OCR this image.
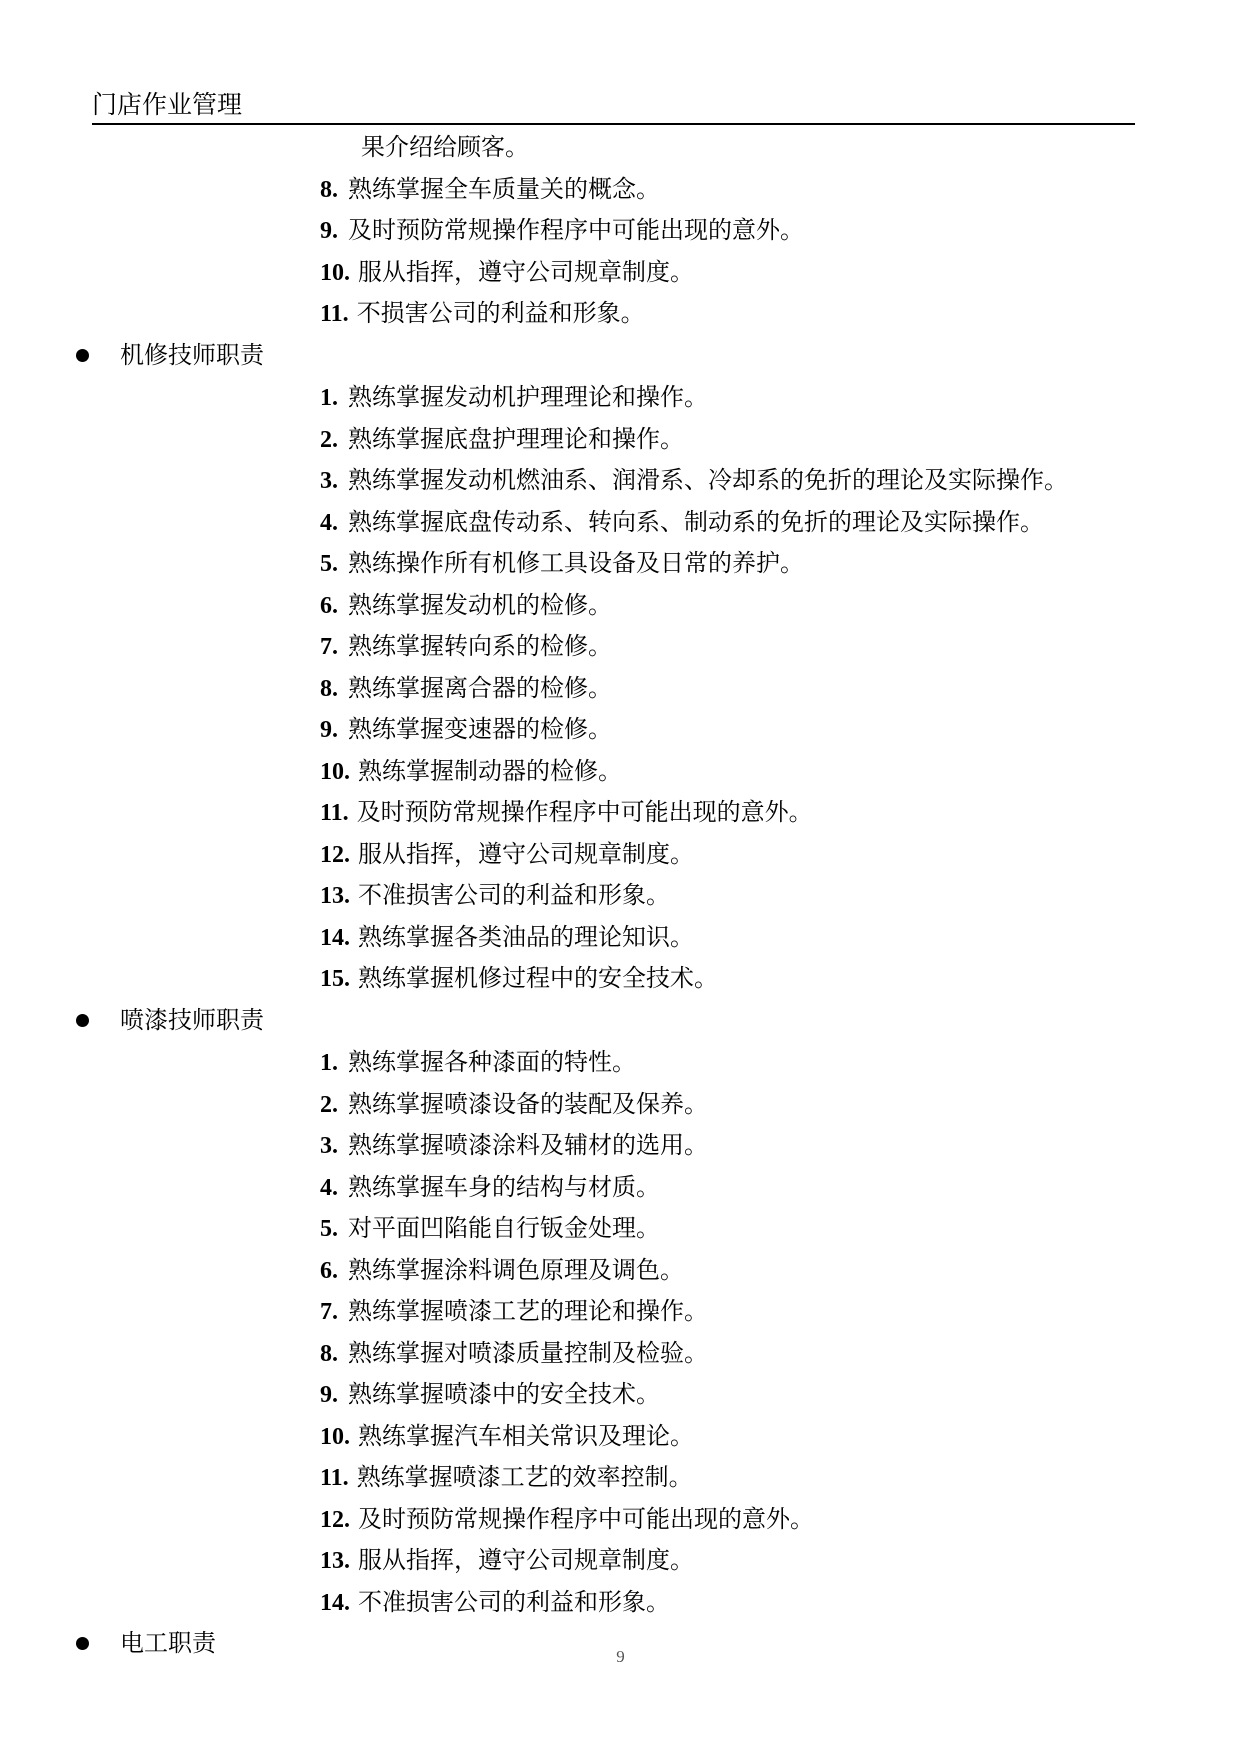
门店作业管理
果介绍给顾客。
8. 熟练掌握全车质量关的概念。
9. 及时预防常规操作程序中可能出现的意外。
10. 服从指挥，遵守公司规章制度。
11. 不损害公司的利益和形象。
机修技师职责
1. 熟练掌握发动机护理理论和操作。
2. 熟练掌握底盘护理理论和操作。
3. 熟练掌握发动机燃油系、润滑系、冷却系的免折的理论及实际操作。
4. 熟练掌握底盘传动系、转向系、制动系的免折的理论及实际操作。
5. 熟练操作所有机修工具设备及日常的养护。
6. 熟练掌握发动机的检修。
7. 熟练掌握转向系的检修。
8. 熟练掌握离合器的检修。
9. 熟练掌握变速器的检修。
10. 熟练掌握制动器的检修。
11. 及时预防常规操作程序中可能出现的意外。
12. 服从指挥，遵守公司规章制度。
13. 不准损害公司的利益和形象。
14. 熟练掌握各类油品的理论知识。
15. 熟练掌握机修过程中的安全技术。
喷漆技师职责
1. 熟练掌握各种漆面的特性。
2. 熟练掌握喷漆设备的装配及保养。
3. 熟练掌握喷漆涂料及辅材的选用。
4. 熟练掌握车身的结构与材质。
5. 对平面凹陷能自行钣金处理。
6. 熟练掌握涂料调色原理及调色。
7. 熟练掌握喷漆工艺的理论和操作。
8. 熟练掌握对喷漆质量控制及检验。
9. 熟练掌握喷漆中的安全技术。
10. 熟练掌握汽车相关常识及理论。
11. 熟练掌握喷漆工艺的效率控制。
12. 及时预防常规操作程序中可能出现的意外。
13. 服从指挥，遵守公司规章制度。
14. 不准损害公司的利益和形象。
电工职责	9
